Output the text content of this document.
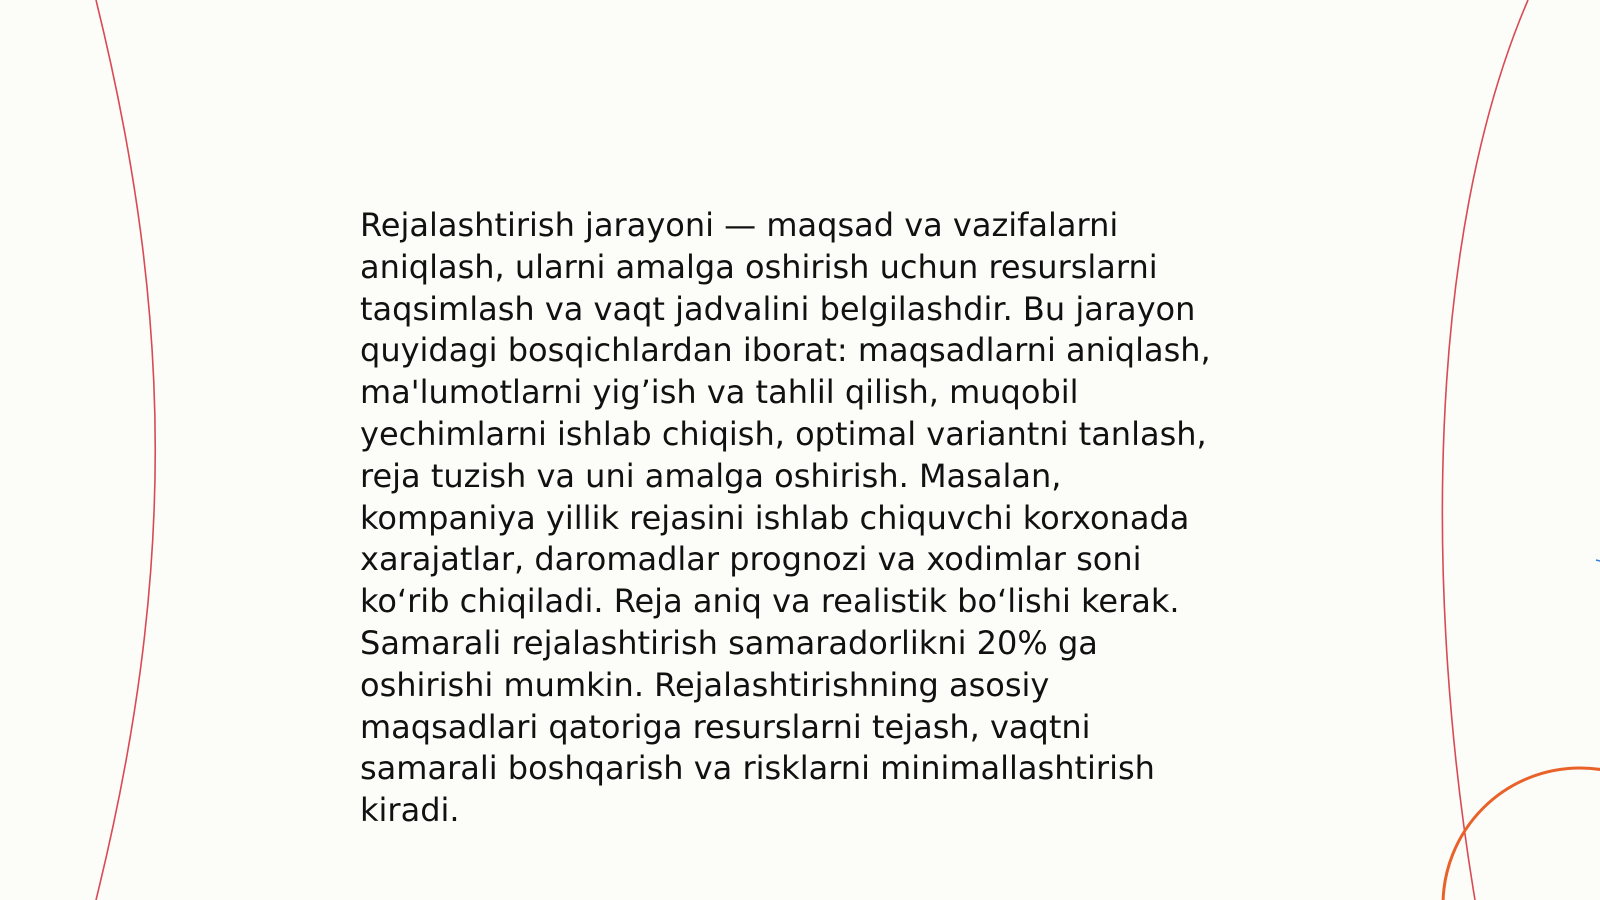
Rejalashtirish jarayoni — maqsad va vazifalarni
aniqlash, ularni amalga oshirish uchun resurslarni
taqsimlash va vaqt jadvalini belgilashdir. Bu jarayon
quyidagi bosqichlardan iborat: maqsadlarni aniqlash,
ma'lumotlarni yig’ish va tahlil qilish, muqobil
yechimlarni ishlab chiqish, optimal variantni tanlash,
reja tuzish va uni amalga oshirish. Masalan,
kompaniya yillik rejasini ishlab chiquvchi korxonada
xarajatlar, daromadlar prognozi va xodimlar soni
ko‘rib chiqiladi. Reja aniq va realistik bo‘lishi kerak.
Samarali rejalashtirish samaradorlikni 20% ga
oshirishi mumkin. Rejalashtirishning asosiy
maqsadlari qatoriga resurslarni tejash, vaqtni
samarali boshqarish va risklarni minimallashtirish
kiradi.
